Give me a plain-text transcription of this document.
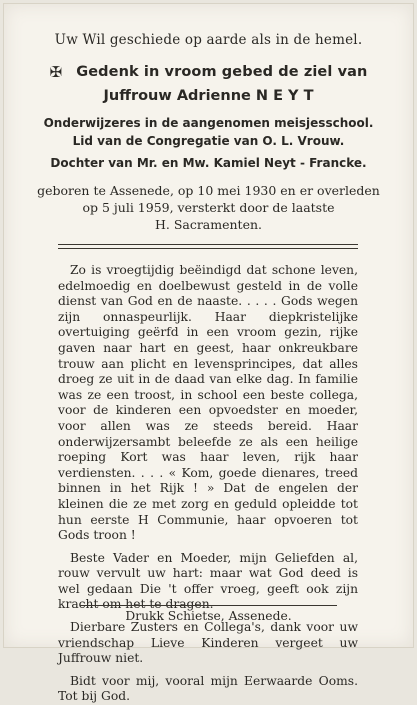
Uw Wil geschiede op aarde als in de hemel.
✠ Gedenk in vroom gebed de ziel van
Juffrouw Adrienne N E Y T
Onderwijzeres in de aangenomen meisjesschool.
Lid van de Congregatie van O. L. Vrouw.
Dochter van Mr. en Mw. Kamiel Neyt - Francke.
geboren te Assenede, op 10 mei 1930 en er overleden
op 5 juli 1959, versterkt door de laatste
H. Sacramenten.

Zo is vroegtijdig beëindigd dat schone leven, edelmoedig en doelbewust gesteld in de volle dienst van God en de naaste. . . . . Gods wegen zijn onnaspeurlijk. Haar diepkristelijke overtuiging geërfd in een vroom gezin, rijke gaven naar hart en geest, haar onkreukbare trouw aan plicht en levensprincipes, dat alles droeg ze uit in de daad van elke dag. In familie was ze een troost, in school een beste collega, voor de kinderen een opvoedster en moeder, voor allen was ze steeds bereid. Haar onderwijzersambt beleefde ze als een heilige roeping Kort was haar leven, rijk haar verdiensten. . . . « Kom, goede dienares, treed binnen in het Rijk ! » Dat de engelen der kleinen die ze met zorg en geduld opleidde tot hun eerste H Communie, haar opvoeren tot Gods troon !

Beste Vader en Moeder, mijn Geliefden al, rouw vervult uw hart: maar wat God deed is wel gedaan Die 't offer vroeg, geeft ook zijn kracht om het te dragen.

Dierbare Zusters en Collega's, dank voor uw vriendschap Lieve Kinderen vergeet uw Juffrouw niet.

Bidt voor mij, vooral mijn Eerwaarde Ooms. Tot bij God.

Drukk Schietse, Assenede.
